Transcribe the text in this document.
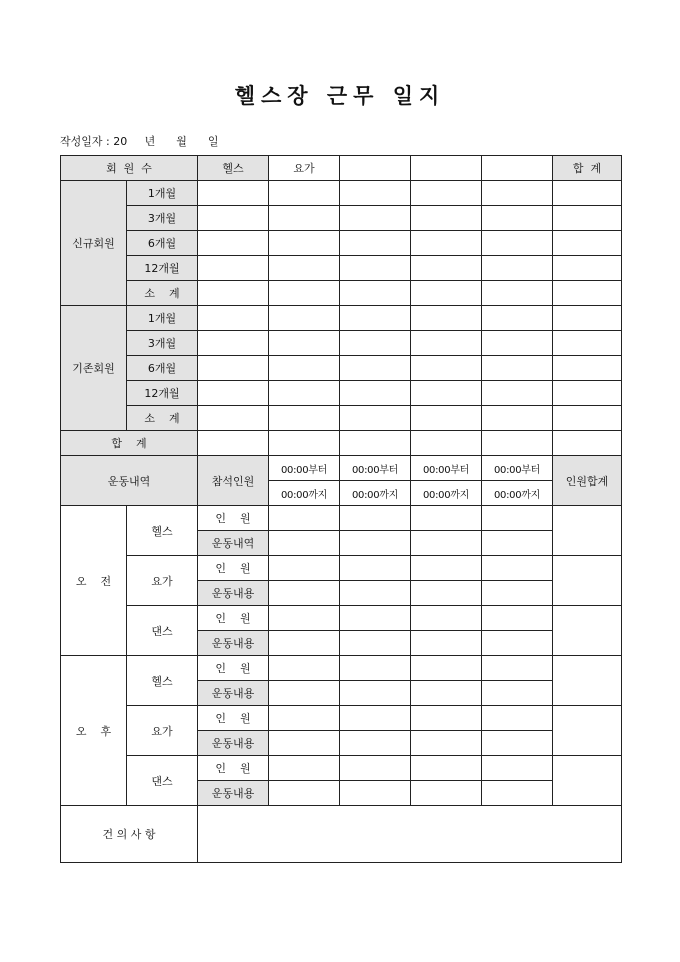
헬스장 근무 일지
작성일자 : 20     년      월      일
회  원  수		헬스	요가				합  계
신규회원	1개월						
	3개월						
	6개월						
	12개월						
	소    계						
기존회원	1개월						
	3개월						
	6개월						
	12개월						
	소    계						
합    계							
운동내역		참석인원	00:00부터	00:00부터	00:00부터	00:00부터	인원합계
			00:00까지	00:00까지	00:00까지	00:00까지	
오    전	헬스	인    원					
		운동내역					
	요가	인    원					
		운동내용					
	댄스	인    원					
		운동내용					
오    후	헬스	인    원					
		운동내용					
	요가	인    원					
		운동내용					
	댄스	인    원					
		운동내용					
건 의 사 항							
